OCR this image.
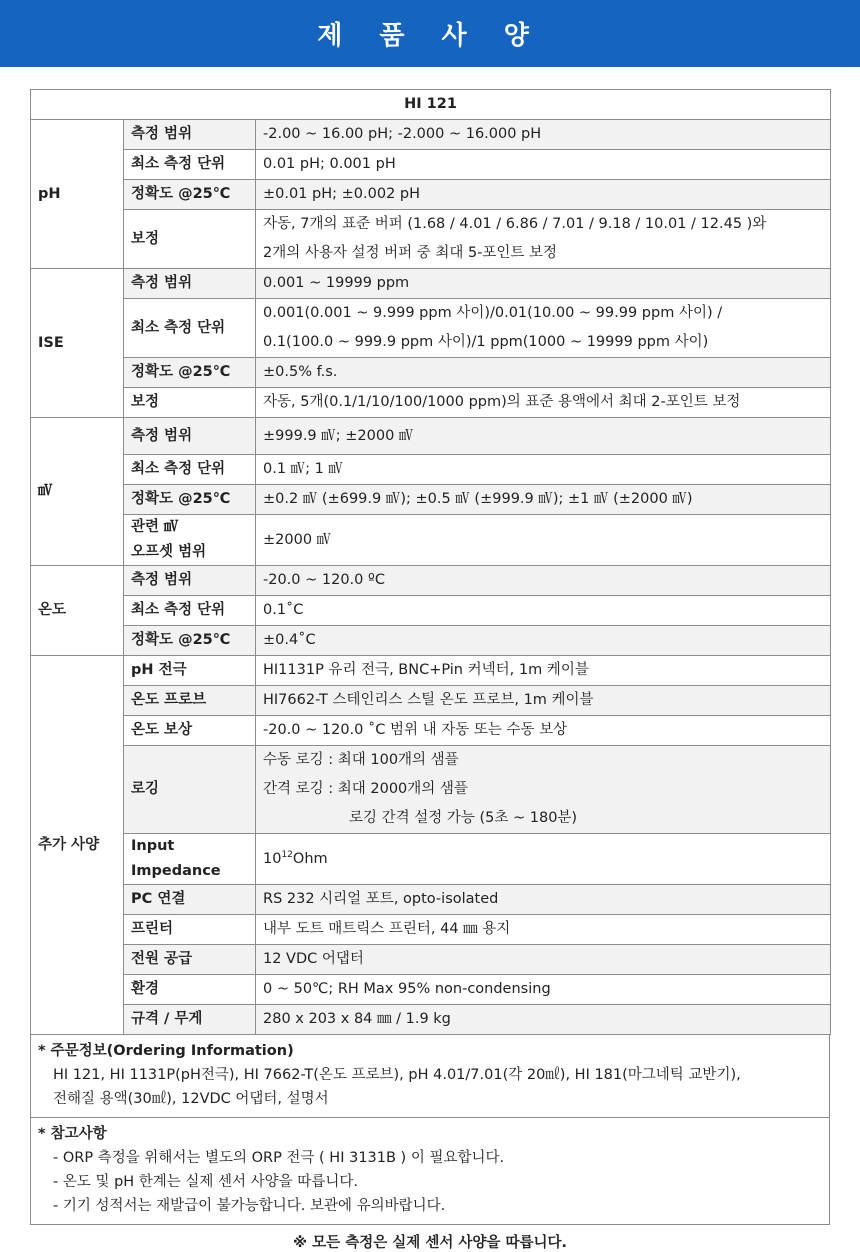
제 품 사 양
HI 121		
pH	측정 범위	-2.00 ~ 16.00 pH; -2.000 ~ 16.000 pH
	최소 측정 단위	0.01 pH; 0.001 pH
	정확도 @25℃	±0.01 pH; ±0.002 pH
	보정	자동, 7개의 표준 버퍼 (1.68 / 4.01 / 6.86 / 7.01 / 9.18 / 10.01 / 12.45 )와
2개의 사용자 설정 버퍼 중 최대 5-포인트 보정

ISE	측정 범위	0.001 ~ 19999 ppm
	최소 측정 단위	0.001(0.001 ~ 9.999 ppm 사이)/0.01(10.00 ~ 99.99 ppm 사이) /
0.1(100.0 ~ 999.9 ppm 사이)/1 ppm(1000 ~ 19999 ppm 사이)

	정확도 @25℃	±0.5% f.s.
	보정	자동, 5개(0.1/1/10/100/1000 ppm)의 표준 용액에서 최대 2-포인트 보정
㎷	측정 범위	±999.9 ㎷; ±2000 ㎷
	최소 측정 단위	0.1 ㎷; 1 ㎷
	정확도 @25℃	±0.2 ㎷ (±699.9 ㎷); ±0.5 ㎷ (±999.9 ㎷); ±1 ㎷ (±2000 ㎷)

	관련 ㎷
오프셋 범위	±2000 ㎷
온도	측정 범위	-20.0 ~ 120.0 ºC
	최소 측정 단위	0.1˚C
	정확도 @25℃	±0.4˚C
추가 사양	pH 전극	HI1131P 유리 전극, BNC+Pin 커넥터, 1m 케이블
	온도 프로브	HI7662-T 스테인리스 스틸 온도 프로브, 1m 케이블
	온도 보상	-20.0 ~ 120.0 ˚C 범위 내 자동 또는 수동 보상
	로깅	수동 로깅 : 최대 100개의 샘플
간격 로깅 : 최대 2000개의 샘플
로깅 간격 설정 가능 (5초 ~ 180분)

	Input
Impedance	$10^{12}Ohm$
	PC 연결	RS 232 시리얼 포트, opto-isolated
	프린터	내부 도트 매트릭스 프린터, 44 ㎜ 용지
	전원 공급	12 VDC 어댑터
	환경	0 ~ 50℃; RH Max 95% non-condensing
	규격 / 무게	280 x 203 x 84 ㎜ / 1.9 kg
* 주문정보(Ordering Information)
HI 121, HI 1131P(pH전극), HI 7662-T(온도 프로브), pH 4.01/7.01(각 20㎖), HI 181(마그네틱 교반기),
전해질 용액(30㎖), 12VDC 어댑터, 설명서
* 참고사항
- ORP 측정을 위해서는 별도의 ORP 전극 ( HI 3131B ) 이 필요합니다.
- 온도 및 pH 한계는 실제 센서 사양을 따릅니다.
- 기기 성적서는 재발급이 불가능합니다. 보관에 유의바랍니다.
※ 모든 측정은 실제 센서 사양을 따릅니다.
